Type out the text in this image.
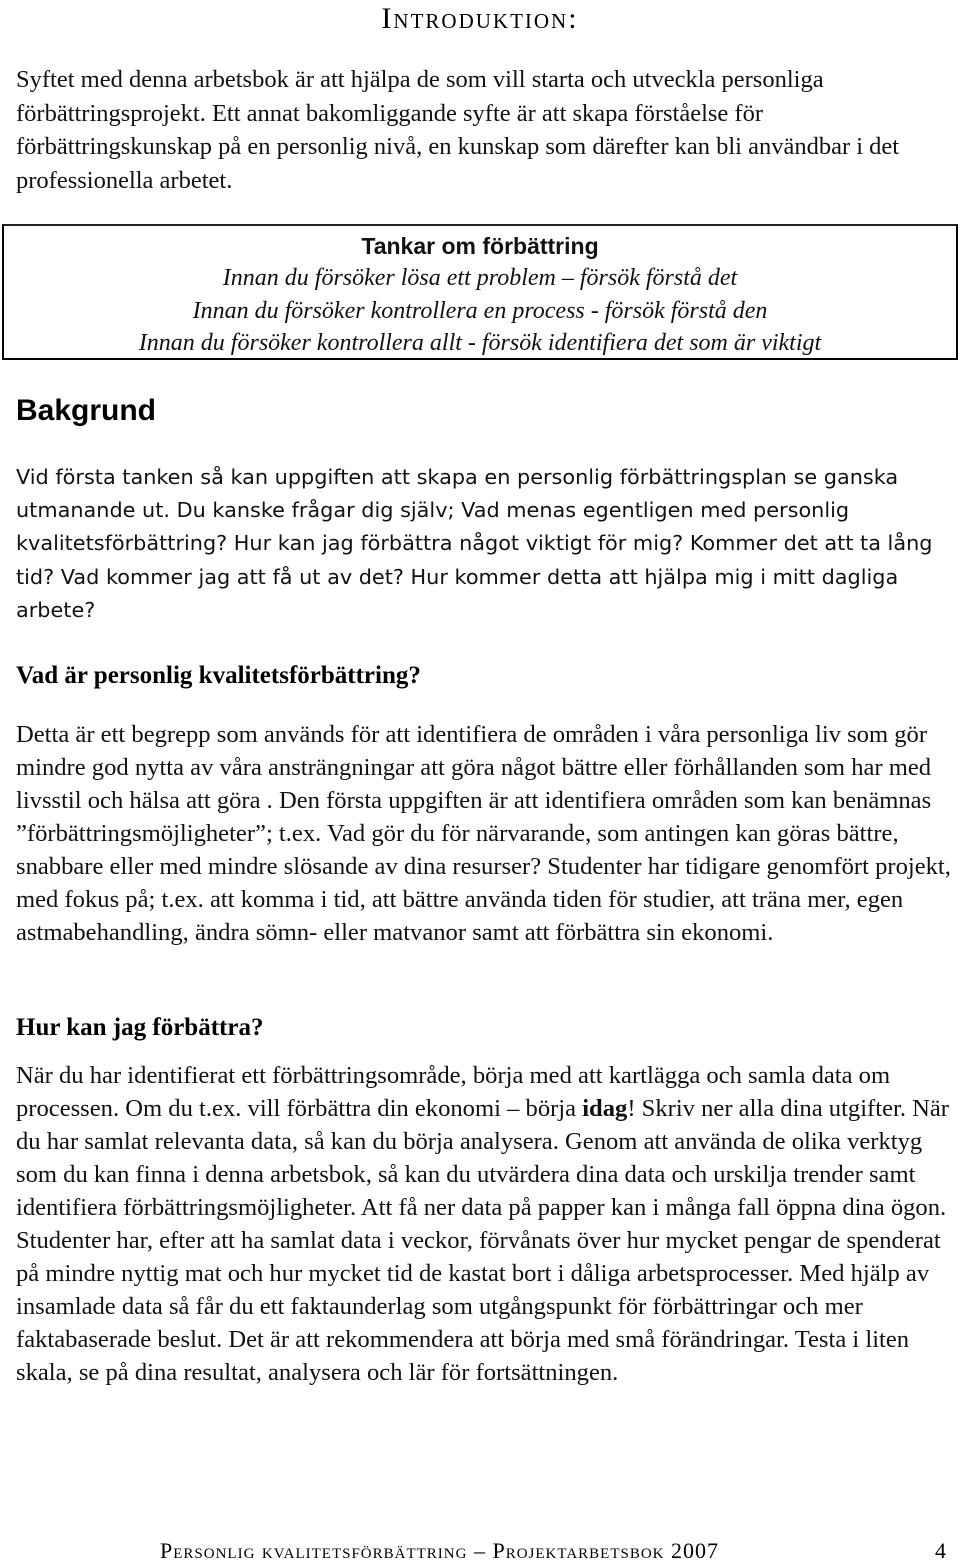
Introduktion:
Syftet med denna arbetsbok är att hjälpa de som vill starta och utveckla personliga förbättringsprojekt. Ett annat bakomliggande syfte är att skapa förståelse för förbättringskunskap på en personlig nivå, en kunskap som därefter kan bli användbar i det professionella arbetet.
Tankar om förbättring
Innan du försöker lösa ett problem – försök förstå det
Innan du försöker kontrollera en process - försök förstå den
Innan du försöker kontrollera allt - försök identifiera det som är viktigt
Bakgrund
Vid första tanken så kan uppgiften att skapa en personlig förbättringsplan se ganska utmanande ut. Du kanske frågar dig själv; Vad menas egentligen med personlig kvalitetsförbättring? Hur kan jag förbättra något viktigt för mig? Kommer det att ta lång tid? Vad kommer jag att få ut av det? Hur kommer detta att hjälpa mig i mitt dagliga arbete?
Vad är personlig kvalitetsförbättring?
Detta är ett begrepp som används för att identifiera de områden i våra personliga liv som gör mindre god nytta av våra ansträngningar att göra något bättre eller förhållanden som har med livsstil och hälsa att göra . Den första uppgiften är att identifiera områden som kan benämnas ”förbättringsmöjligheter”; t.ex. Vad gör du för närvarande, som antingen kan göras bättre, snabbare eller med mindre slösande av dina resurser? Studenter har tidigare genomfört projekt, med fokus på; t.ex. att komma i tid, att bättre använda tiden för studier, att träna mer, egen astmabehandling, ändra sömn- eller matvanor samt att förbättra sin ekonomi.
Hur kan jag förbättra?
När du har identifierat ett förbättringsområde, börja med att kartlägga och samla data om processen. Om du t.ex. vill förbättra din ekonomi – börja idag! Skriv ner alla dina utgifter. När du har samlat relevanta data, så kan du börja analysera. Genom att använda de olika verktyg som du kan finna i denna arbetsbok, så kan du utvärdera dina data och urskilja trender samt identifiera förbättringsmöjligheter. Att få ner data på papper kan i många fall öppna dina ögon. Studenter har, efter att ha samlat data i veckor, förvånats över hur mycket pengar de spenderat på mindre nyttig mat och hur mycket tid de kastat bort i dåliga arbetsprocesser. Med hjälp av insamlade data så får du ett faktaunderlag som utgångspunkt för förbättringar och mer faktabaserade beslut. Det är att rekommendera att börja med små förändringar. Testa i liten skala, se på dina resultat, analysera och lär för fortsättningen.
Personlig kvalitetsförbättring – Projektarbetsbok 2007	4
